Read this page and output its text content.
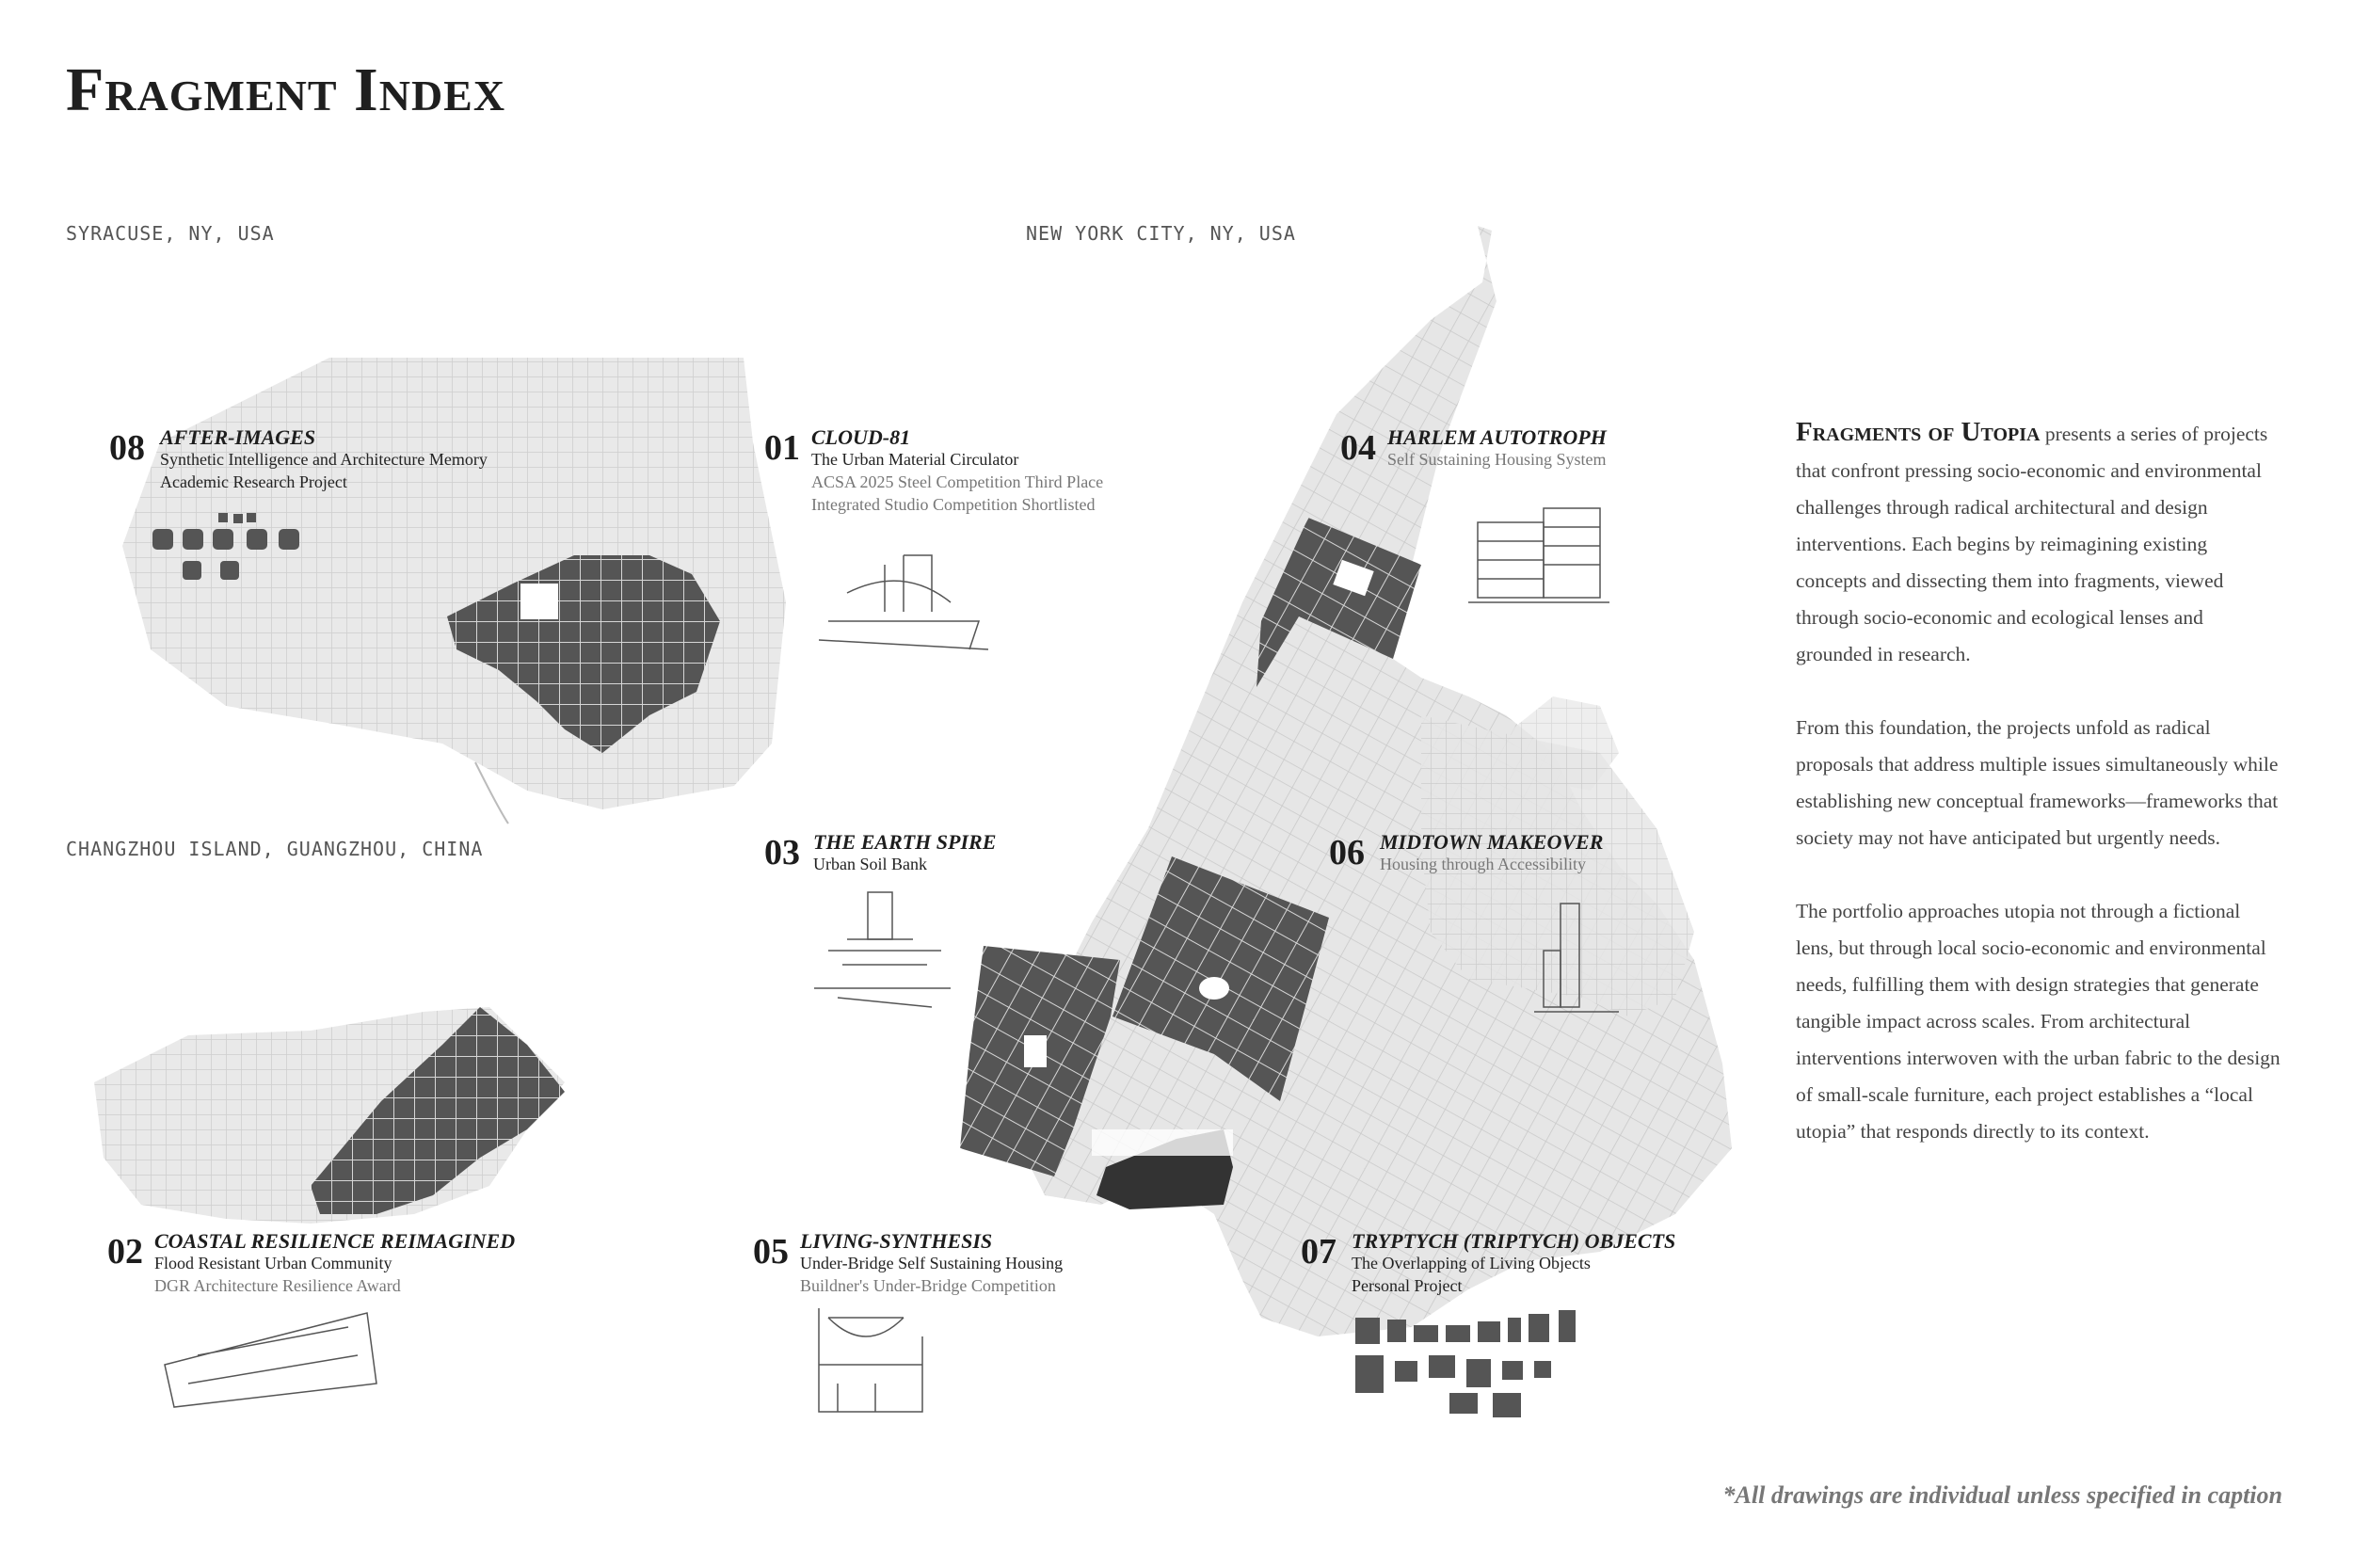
Fragment Index
SYRACUSE, NY, USA	NEW YORK CITY, NY, USA
CHANGZHOU ISLAND, GUANGZHOU, CHINA
08 AFTER-IMAGES
Synthetic Intelligence and Architecture Memory
Academic Research Project
01 CLOUD-81
The Urban Material Circulator
ACSA 2025 Steel Competition Third Place
Integrated Studio Competition Shortlisted
04 HARLEM AUTOTROPH
Self Sustaining Housing System
03 THE EARTH SPIRE
Urban Soil Bank	06 MIDTOWN MAKEOVER
Housing through Accessibility
02 COASTAL RESILIENCE REIMAGINED
Flood Resistant Urban Community
DGR Architecture Resilience Award
05 LIVING-SYNTHESIS
Under-Bridge Self Sustaining Housing
Buildner's Under-Bridge Competition
07 TRYPTYCH (TRIPTYCH) OBJECTS
The Overlapping of Living Objects
Personal Project

Fragments of Utopia presents a series of projects that confront pressing socio-economic and environmental challenges through radical architectural and design interventions. Each begins by reimagining existing concepts and dissecting them into fragments, viewed through socio-economic and ecological lenses and grounded in research.

From this foundation, the projects unfold as radical proposals that address multiple issues simultaneously while establishing new conceptual frameworks—frameworks that society may not have anticipated but urgently needs.

The portfolio approaches utopia not through a fictional lens, but through local socio-economic and environmental needs, fulfilling them with design strategies that generate tangible impact across scales. From architectural interventions interwoven with the urban fabric to the design of small-scale furniture, each project establishes a “local utopia” that responds directly to its context.

*All drawings are individual unless specified in caption
